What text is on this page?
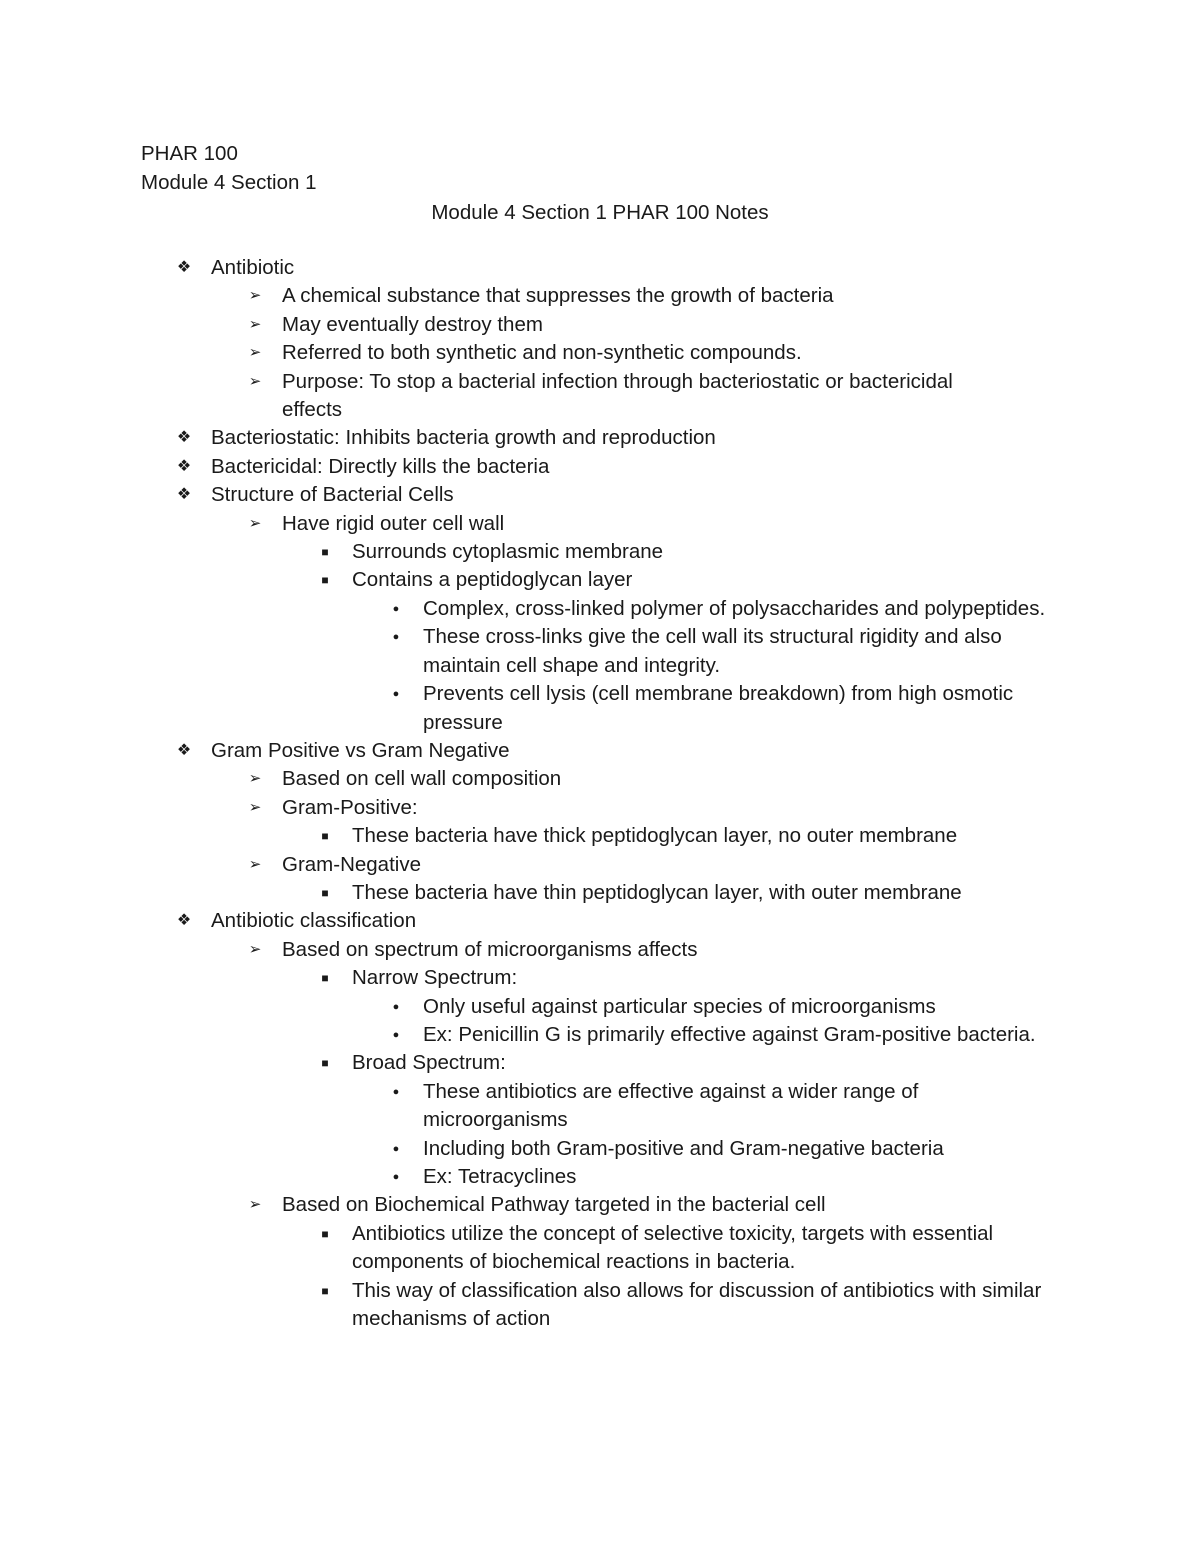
PHAR 100
Module 4 Section 1
Module 4 Section 1 PHAR 100 Notes
❖ Antibiotic
➢ A chemical substance that suppresses the growth of bacteria
➢ May eventually destroy them
➢ Referred to both synthetic and non-synthetic compounds.
➢ Purpose: To stop a bacterial infection through bacteriostatic or bactericidal effects
❖ Bacteriostatic: Inhibits bacteria growth and reproduction
❖ Bactericidal: Directly kills the bacteria
❖ Structure of Bacterial Cells
➢ Have rigid outer cell wall
■	Surrounds cytoplasmic membrane
■	Contains a peptidoglycan layer
●	Complex, cross-linked polymer of polysaccharides and polypeptides.
●	These cross-links give the cell wall its structural rigidity and also maintain cell shape and integrity.
●	Prevents cell lysis (cell membrane breakdown) from high osmotic pressure
❖ Gram Positive vs Gram Negative
➢ Based on cell wall composition
➢ Gram-Positive:
■	These bacteria have thick peptidoglycan layer, no outer membrane
➢ Gram-Negative
■	These bacteria have thin peptidoglycan layer, with outer membrane
❖ Antibiotic classification
➢ Based on spectrum of microorganisms affects
■	Narrow Spectrum:
●	Only useful against particular species of microorganisms
●	Ex: Penicillin G is primarily effective against Gram-positive bacteria.
■	Broad Spectrum:
●	These antibiotics are effective against a wider range of microorganisms
●	Including both Gram-positive and Gram-negative bacteria
●	Ex: Tetracyclines
➢ Based on Biochemical Pathway targeted in the bacterial cell
■	Antibiotics utilize the concept of selective toxicity, targets with essential components of biochemical reactions in bacteria.
■	This way of classification also allows for discussion of antibiotics with similar mechanisms of action
